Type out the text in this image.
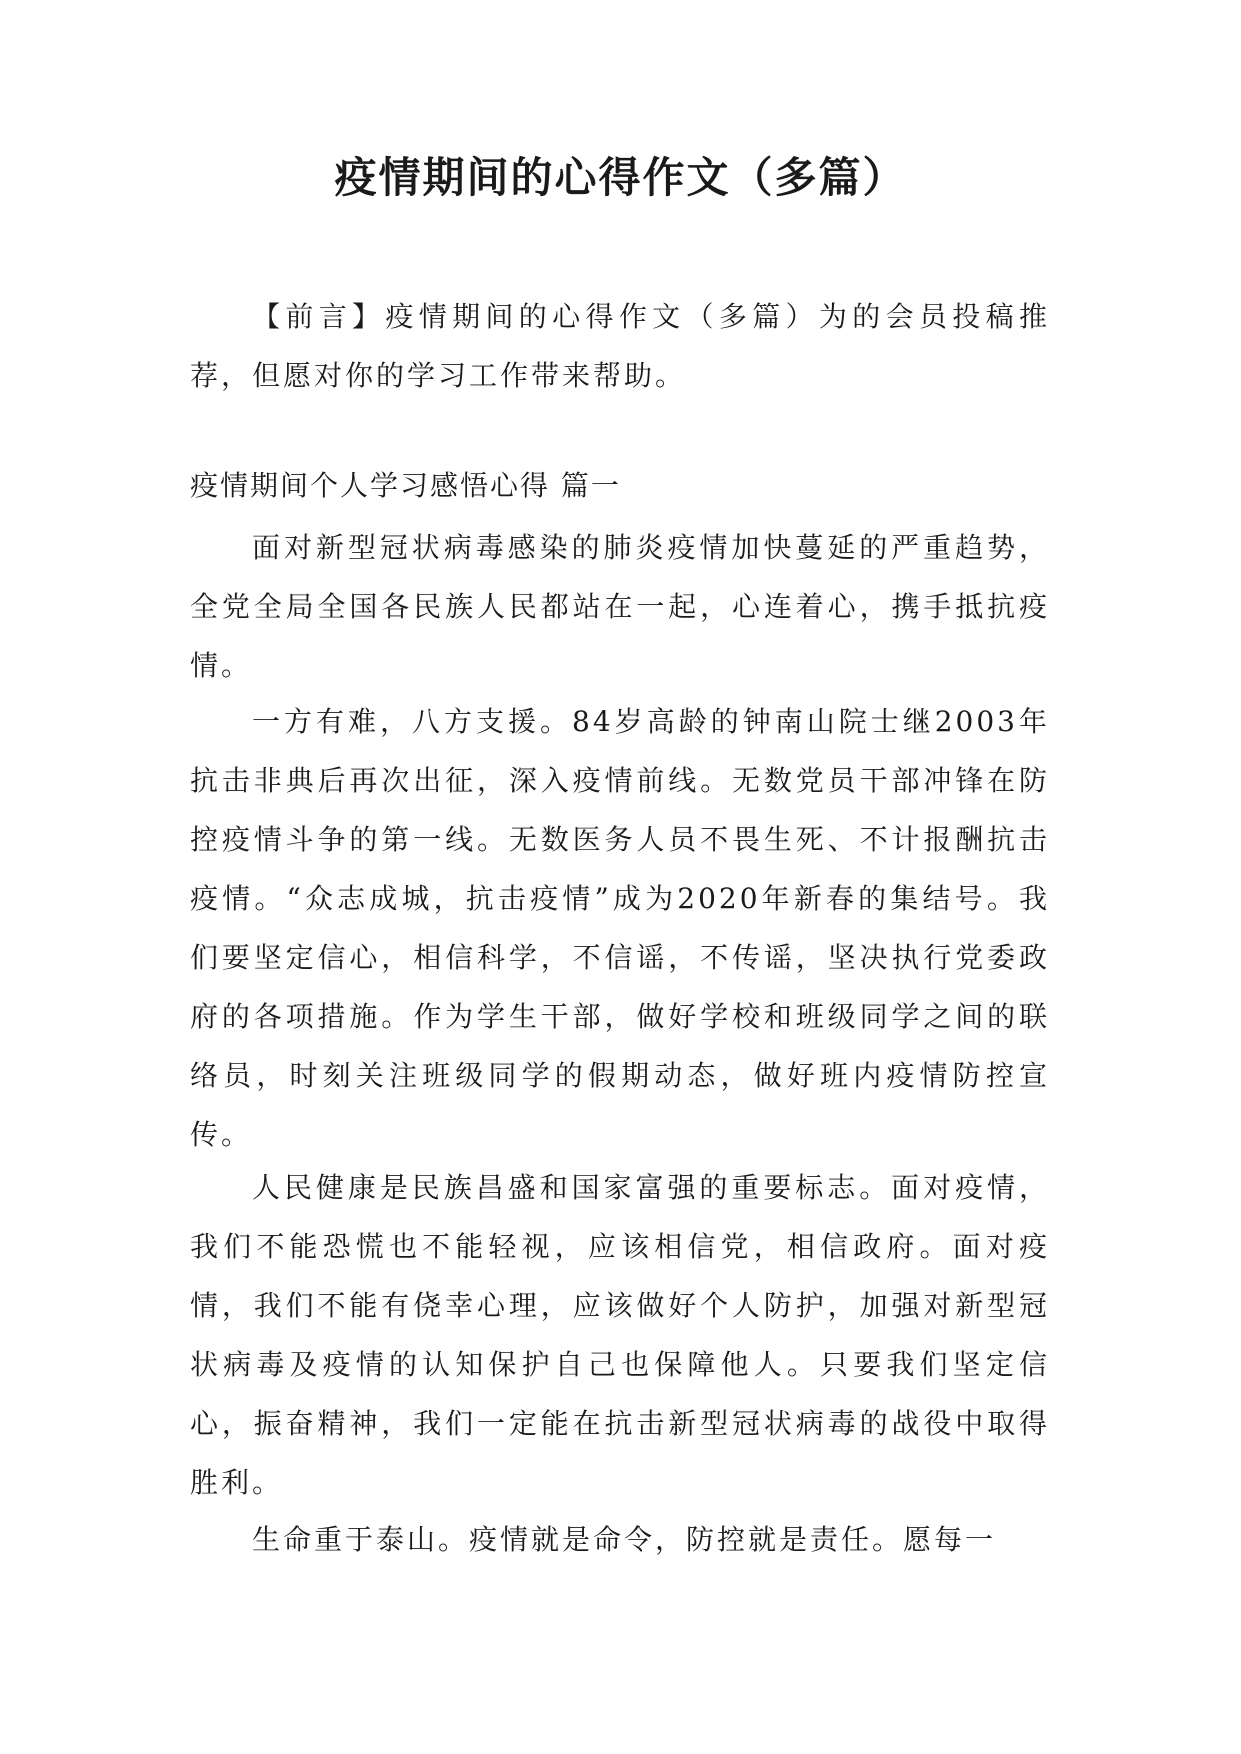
疫情期间的心得作文（多篇）

【前言】疫情期间的心得作文（多篇）为的会员投稿推荐，但愿对你的学习工作带来帮助。

疫情期间个人学习感悟心得 篇一

面对新型冠状病毒感染的肺炎疫情加快蔓延的严重趋势，全党全局全国各民族人民都站在一起，心连着心，携手抵抗疫情。

一方有难，八方支援。84岁高龄的钟南山院士继2003年抗击非典后再次出征，深入疫情前线。无数党员干部冲锋在防控疫情斗争的第一线。无数医务人员不畏生死、不计报酬抗击疫情。“众志成城，抗击疫情”成为2020年新春的集结号。我们要坚定信心，相信科学，不信谣，不传谣，坚决执行党委政府的各项措施。作为学生干部，做好学校和班级同学之间的联络员，时刻关注班级同学的假期动态，做好班内疫情防控宣传。

人民健康是民族昌盛和国家富强的重要标志。面对疫情，我们不能恐慌也不能轻视，应该相信党，相信政府。面对疫情，我们不能有侥幸心理，应该做好个人防护，加强对新型冠状病毒及疫情的认知保护自己也保障他人。只要我们坚定信心，振奋精神，我们一定能在抗击新型冠状病毒的战役中取得胜利。

生命重于泰山。疫情就是命令，防控就是责任。愿每一
